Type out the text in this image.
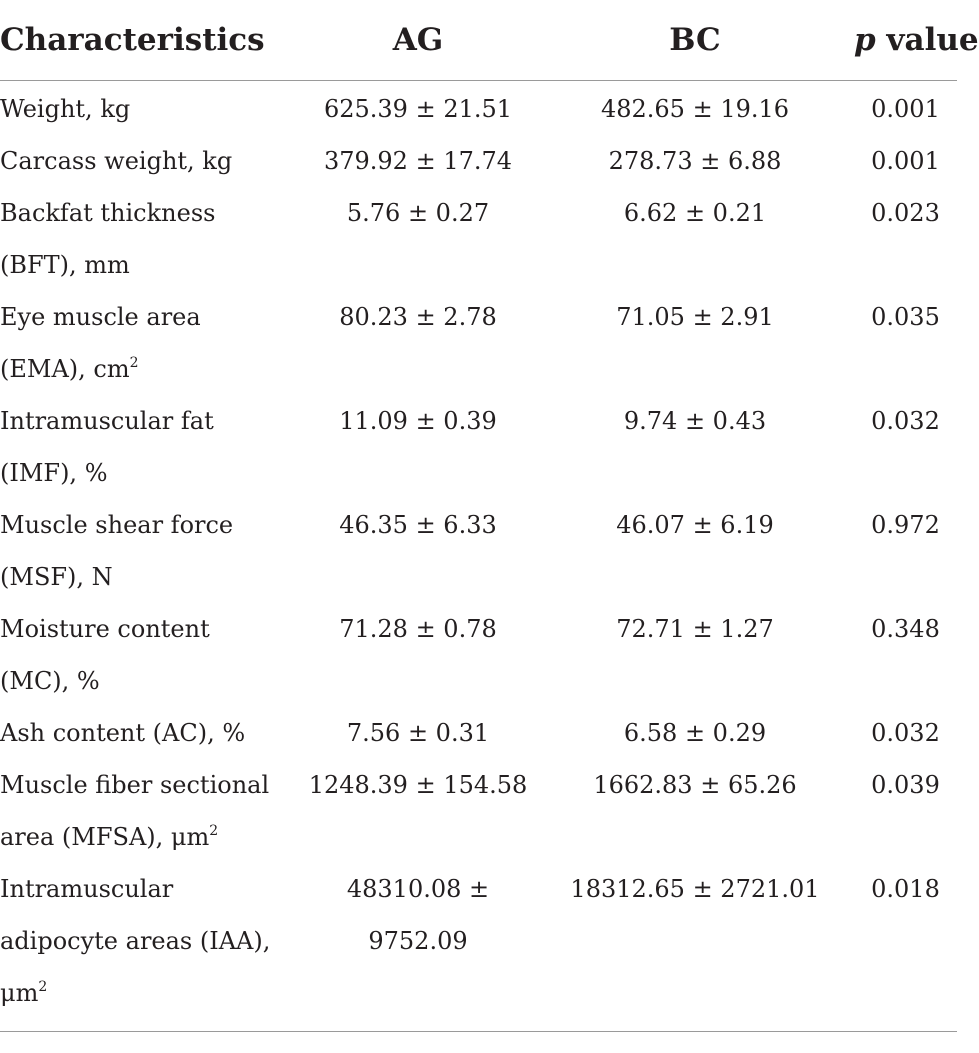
Characteristics	AG	BC	p value

Weight, kg	625.39 ± 21.51	482.65 ± 19.16	0.001

Carcass weight, kg	379.92 ± 17.74	278.73 ± 6.88	0.001

Backfat thickness
(BFT), mm	5.76 ± 0.27	6.62 ± 0.21	0.023

Eye muscle area
(EMA), $cm^2$	80.23 ± 2.78	71.05 ± 2.91	0.035

Intramuscular fat
(IMF), %	11.09 ± 0.39	9.74 ± 0.43	0.032

Muscle shear force
(MSF), N	46.35 ± 6.33	46.07 ± 6.19	0.972

Moisture content
(MC), %	71.28 ± 0.78	72.71 ± 1.27	0.348

Ash content (AC), %	7.56 ± 0.31	6.58 ± 0.29	0.032

Muscle fiber sectional
area (MFSA), $\mu m^2$	1248.39 ± 154.58	1662.83 ± 65.26	0.039

Intramuscular
adipocyte areas (IAA),
$\mu m^2$	48310.08 ± 9752.09	18312.65 ± 2721.01	0.018
